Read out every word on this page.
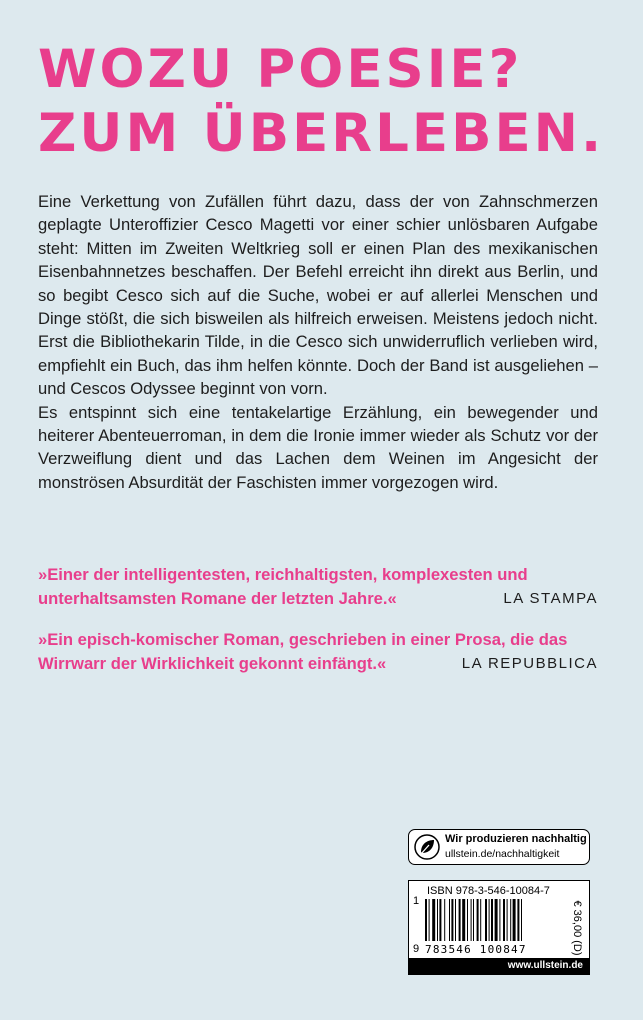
WOZU POESIE?
ZUM ÜBERLEBEN.

Eine Verkettung von Zufällen führt dazu, dass der von Zahnschmerzen geplagte Unteroffizier Cesco Magetti vor einer schier unlösbaren Aufgabe steht: Mitten im Zweiten Weltkrieg soll er einen Plan des mexikanischen Eisenbahnnetzes beschaffen. Der Befehl erreicht ihn direkt aus Berlin, und so begibt Cesco sich auf die Suche, wobei er auf allerlei Menschen und Dinge stößt, die sich bisweilen als hilfreich erweisen. Meistens jedoch nicht. Erst die Bibliothekarin Tilde, in die Cesco sich unwiderruflich verlieben wird, empfiehlt ein Buch, das ihm helfen könnte. Doch der Band ist ausgeliehen – und Cescos Odyssee beginnt von vorn.

Es entspinnt sich eine tentakelartige Erzählung, ein bewegender und heiterer Abenteuerroman, in dem die Ironie immer wieder als Schutz vor der Verzweiflung dient und das Lachen dem Weinen im Angesicht der monströsen Absurdität der Faschisten immer vorgezogen wird.

»Einer der intelligentesten, reichhaltigsten, komplexesten und
unterhaltsamsten Romane der letzten Jahre.«	LA STAMPA
»Ein episch-komischer Roman, geschrieben in einer Prosa, die das
Wirrwarr der Wirklichkeit gekonnt einfängt.«	LA REPUBBLICA
Wir produzieren nachhaltig
ullstein.de/nachhaltigkeit
ISBN 978-3-546-10084-7
1
9 783546 100847	€ 36,00 (D)
www.ullstein.de
